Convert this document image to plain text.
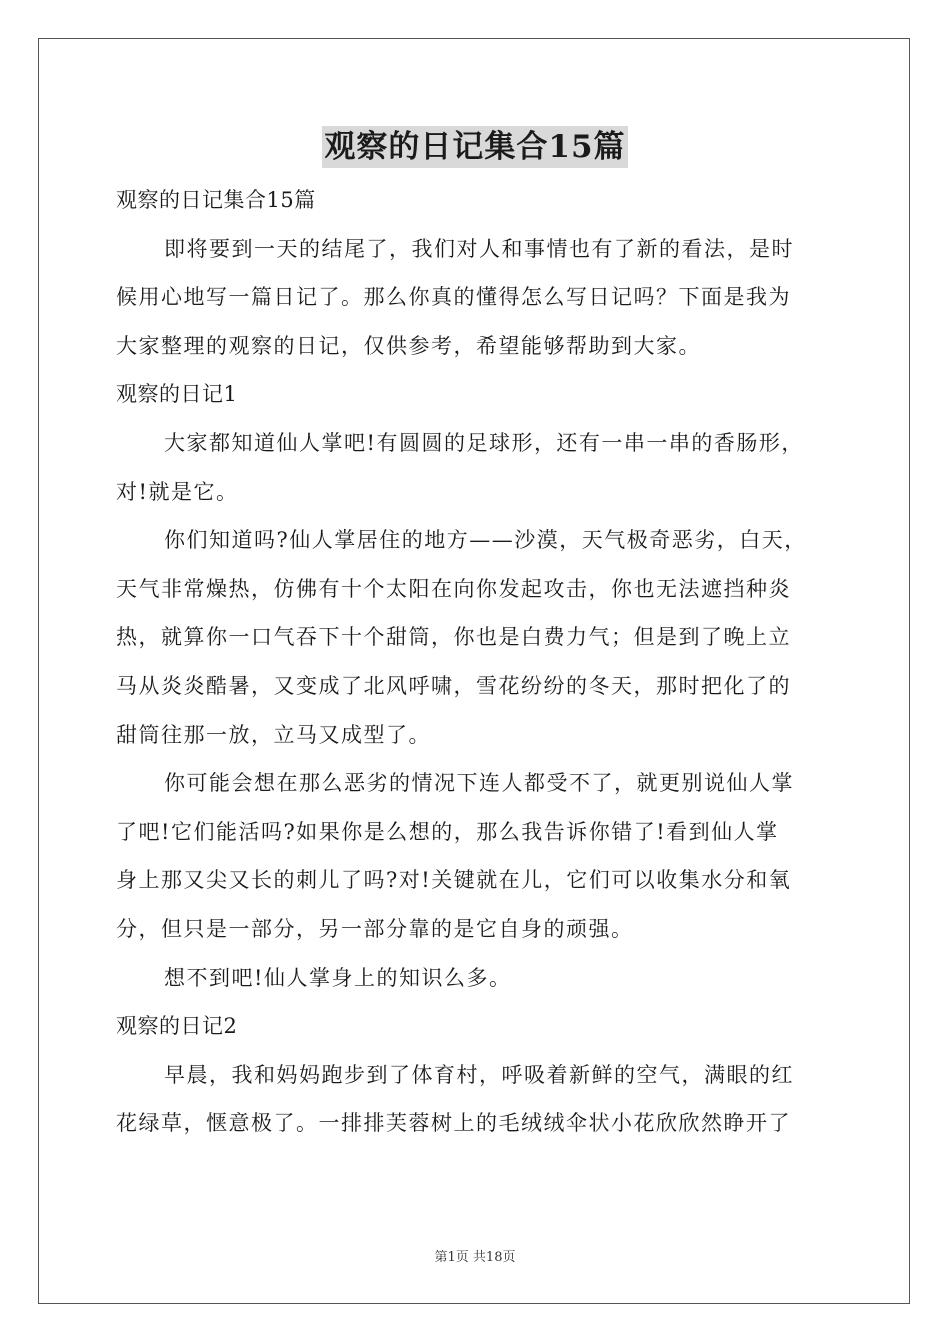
观察的日记集合15篇
观察的日记集合15篇
即将要到一天的结尾了，我们对人和事情也有了新的看法，是时
候用心地写一篇日记了。那么你真的懂得怎么写日记吗？下面是我为
大家整理的观察的日记，仅供参考，希望能够帮助到大家。
观察的日记1
大家都知道仙人掌吧!有圆圆的足球形，还有一串一串的香肠形，
对!就是它。
你们知道吗?仙人掌居住的地方——沙漠，天气极奇恶劣，白天，
天气非常燥热，仿佛有十个太阳在向你发起攻击，你也无法遮挡种炎
热，就算你一口气吞下十个甜筒，你也是白费力气；但是到了晚上立
马从炎炎酷暑，又变成了北风呼啸，雪花纷纷的冬天，那时把化了的
甜筒往那一放，立马又成型了。
你可能会想在那么恶劣的情况下连人都受不了，就更别说仙人掌
了吧!它们能活吗?如果你是么想的，那么我告诉你错了!看到仙人掌
身上那又尖又长的刺儿了吗?对!关键就在儿，它们可以收集水分和氧
分，但只是一部分，另一部分靠的是它自身的顽强。
想不到吧!仙人掌身上的知识么多。
观察的日记2
早晨，我和妈妈跑步到了体育村，呼吸着新鲜的空气，满眼的红
花绿草，惬意极了。一排排芙蓉树上的毛绒绒伞状小花欣欣然睁开了
第1页 共18页
